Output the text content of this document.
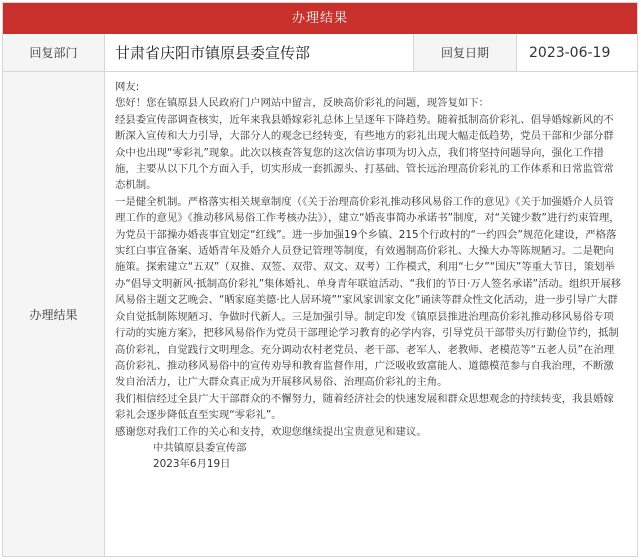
办理结果
回复部门	甘肃省庆阳市镇原县委宣传部	回复日期	2023-06-19
办理结果

网友:

您好！您在镇原县人民政府门户网站中留言，反映高价彩礼的问题，现答复如下：

经县委宣传部调查核实，近年来我县婚嫁彩礼总体上呈逐年下降趋势。随着抵制高价彩礼、倡导婚嫁新风的不断深入宣传和大力引导，大部分人的观念已经转变，有些地方的彩礼出现大幅走低趋势，党员干部和少部分群众中也出现“零彩礼”现象。此次以核查答复您的这次信访事项为切入点，我们将坚持问题导向，强化工作措施，主要从以下几个方面入手，切实形成一套抓源头、打基础、管长远治理高价彩礼的工作体系和日常监管常态机制。

一是健全机制。严格落实相关规章制度（《关于治理高价彩礼推动移风易俗工作的意见》《关于加强婚介人员管理工作的意见》《推动移风易俗工作考核办法》），建立“婚丧事简办承诺书”制度，对“关键少数”进行约束管理，为党员干部操办婚丧事宜划定“红线”。进一步加强19个乡镇、215个行政村的“一约四会”规范化建设，严格落实红白事宜备案、适婚青年及婚介人员登记管理等制度，有效遏制高价彩礼、大操大办等陈规陋习。二是靶向施策。探索建立“五双”（双推、双签、双带、双文、双考）工作模式，利用“七夕”“国庆”等重大节日，策划举办“倡导文明新风·抵制高价彩礼”集体婚礼、单身青年联谊活动、“我们的节日·万人签名承诺”活动。组织开展移风易俗主题文艺晚会、“晒家庭美德·比人居环境”“家风家训家文化”诵读等群众性文化活动，进一步引导广大群众自觉抵制陈规陋习、争做时代新人。三是加强引导。制定印发《镇原县推进治理高价彩礼推动移风易俗专项行动的实施方案》，把移风易俗作为党员干部理论学习教育的必学内容，引导党员干部带头厉行勤俭节约，抵制高价彩礼，自觉践行文明理念。充分调动农村老党员、老干部、老军人、老教师、老模范等“五老人员”在治理高价彩礼、推动移风易俗中的宣传劝导和教育监督作用，广泛吸收致富能人、道德模范参与自我治理，不断激发自治活力，让广大群众真正成为开展移风易俗、治理高价彩礼的主角。

我们相信经过全县广大干部群众的不懈努力，随着经济社会的快速发展和群众思想观念的持续转变，我县婚嫁彩礼会逐步降低直至实现“零彩礼”。

感谢您对我们工作的关心和支持，欢迎您继续提出宝贵意见和建议。

中共镇原县委宣传部

2023年6月19日
